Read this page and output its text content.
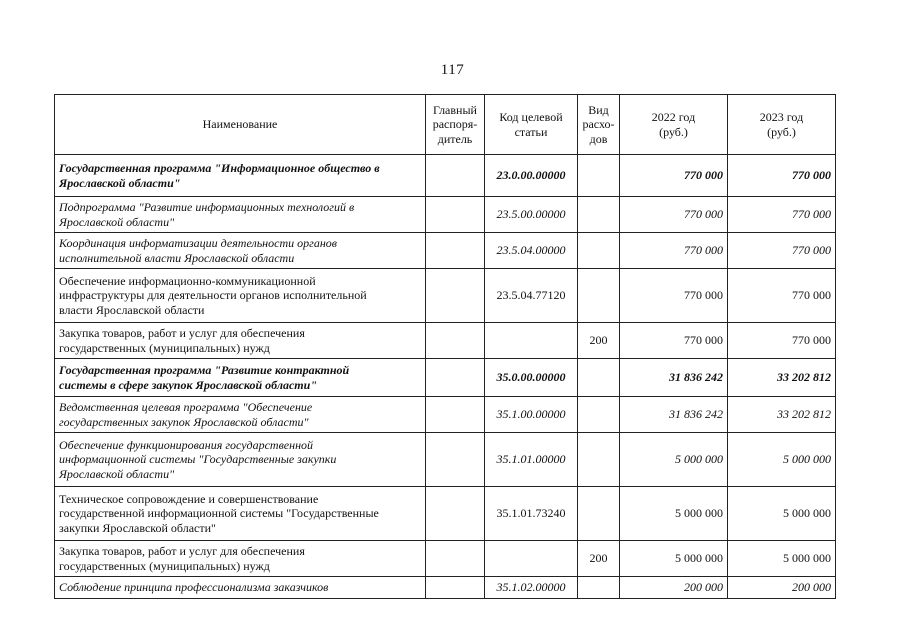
117
Наименование	Главный
распоря-
дитель	Код целевой
статьи	Вид
расхо-
дов	2022 год
(руб.)	2023 год
(руб.)
Государственная программа "Информационное общество в
Ярославской области"		23.0.00.00000		770 000	770 000
Подпрограмма "Развитие информационных технологий в
Ярославской области"		23.5.00.00000		770 000	770 000
Координация информатизации деятельности органов
исполнительной власти Ярославской области		23.5.04.00000		770 000	770 000
Обеспечение информационно-коммуникационной
инфраструктуры для деятельности органов исполнительной
власти Ярославской области		23.5.04.77120		770 000	770 000
Закупка товаров, работ и услуг для обеспечения
государственных (муниципальных) нужд			200	770 000	770 000
Государственная программа "Развитие контрактной
системы в сфере закупок Ярославской области"		35.0.00.00000		31 836 242	33 202 812
Ведомственная целевая программа "Обеспечение
государственных закупок Ярославской области"		35.1.00.00000		31 836 242	33 202 812
Обеспечение функционирования государственной
информационной системы "Государственные закупки
Ярославской области"		35.1.01.00000		5 000 000	5 000 000
Техническое сопровождение и совершенствование
государственной информационной системы "Государственные
закупки Ярославской области"		35.1.01.73240		5 000 000	5 000 000
Закупка товаров, работ и услуг для обеспечения
государственных (муниципальных) нужд			200	5 000 000	5 000 000
Соблюдение принципа профессионализма заказчиков		35.1.02.00000		200 000	200 000
